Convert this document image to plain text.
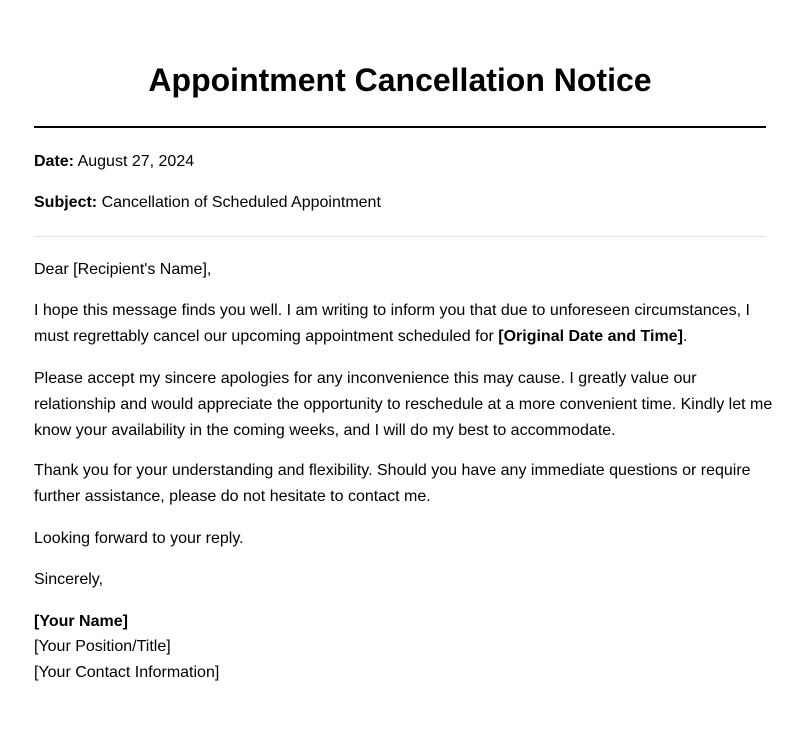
Appointment Cancellation Notice

Date: August 27, 2024

Subject: Cancellation of Scheduled Appointment

Dear [Recipient's Name],

I hope this message finds you well. I am writing to inform you that due to unforeseen circumstances, I must regrettably cancel our upcoming appointment scheduled for [Original Date and Time].

Please accept my sincere apologies for any inconvenience this may cause. I greatly value our relationship and would appreciate the opportunity to reschedule at a more convenient time. Kindly let me know your availability in the coming weeks, and I will do my best to accommodate.

Thank you for your understanding and flexibility. Should you have any immediate questions or require further assistance, please do not hesitate to contact me.

Looking forward to your reply.

Sincerely,

[Your Name]

[Your Position/Title]

[Your Contact Information]
